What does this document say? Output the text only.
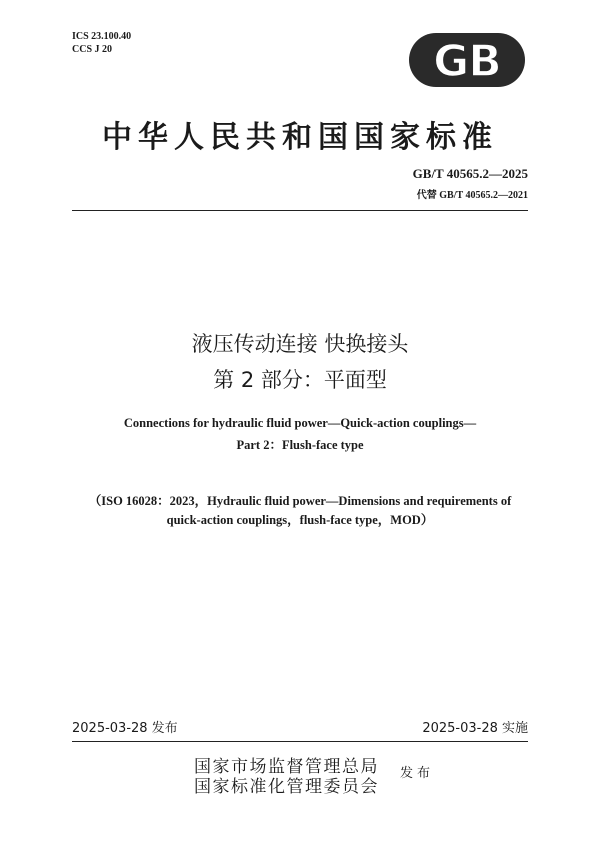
ICS 23.100.40
CCS J 20	GB
中华人民共和国国家标准
GB/T 40565.2—2025
代替 GB/T 40565.2—2021
液压传动连接 快换接头
第 2 部分：平面型
Connections for hydraulic fluid power—Quick-action couplings—
Part 2：Flush-face type
（ISO 16028：2023，Hydraulic fluid power—Dimensions and requirements of
quick-action couplings，flush-face type，MOD）
2025-03-28 发布	2025-03-28 实施
国家市场监督管理总局
国家标准化管理委员会
发布
